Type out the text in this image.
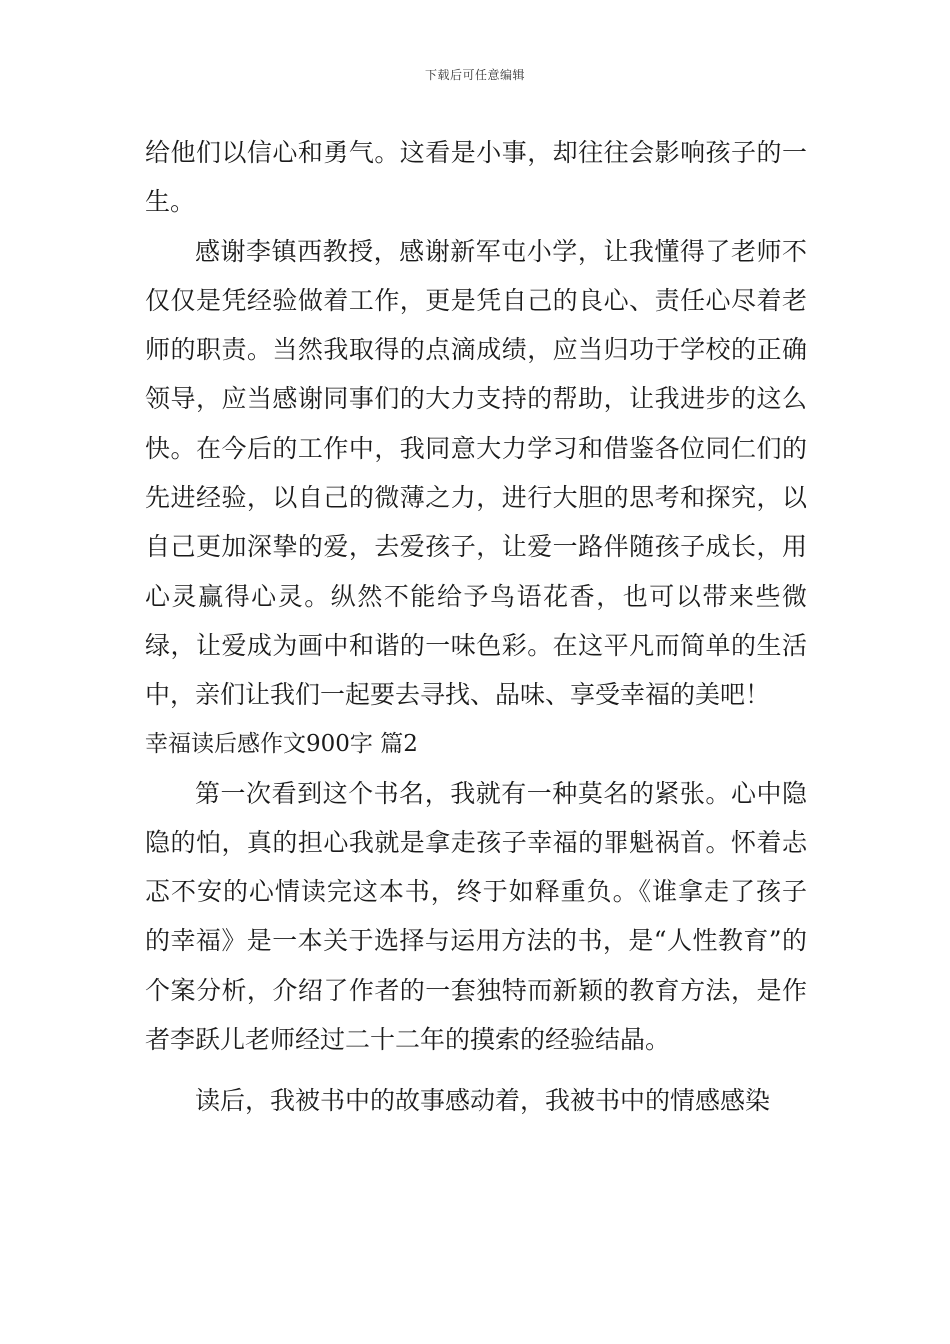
下载后可任意编辑

给他们以信心和勇气。这看是小事，却往往会影响孩子的一生。

感谢李镇西教授，感谢新军屯小学，让我懂得了老师不仅仅是凭经验做着工作，更是凭自己的良心、责任心尽着老师的职责。当然我取得的点滴成绩，应当归功于学校的正确领导，应当感谢同事们的大力支持的帮助，让我进步的这么快。在今后的工作中，我同意大力学习和借鉴各位同仁们的先进经验，以自己的微薄之力，进行大胆的思考和探究，以自己更加深挚的爱，去爱孩子，让爱一路伴随孩子成长，用心灵赢得心灵。纵然不能给予鸟语花香，也可以带来些微绿，让爱成为画中和谐的一味色彩。在这平凡而简单的生活中，亲们让我们一起要去寻找、品味、享受幸福的美吧！

幸福读后感作文900字 篇2

第一次看到这个书名，我就有一种莫名的紧张。心中隐隐的怕，真的担心我就是拿走孩子幸福的罪魁祸首。怀着忐忑不安的心情读完这本书，终于如释重负。《谁拿走了孩子的幸福》是一本关于选择与运用方法的书，是“人性教育”的个案分析，介绍了作者的一套独特而新颖的教育方法，是作者李跃儿老师经过二十二年的摸索的经验结晶。

读后，我被书中的故事感动着，我被书中的情感感染
